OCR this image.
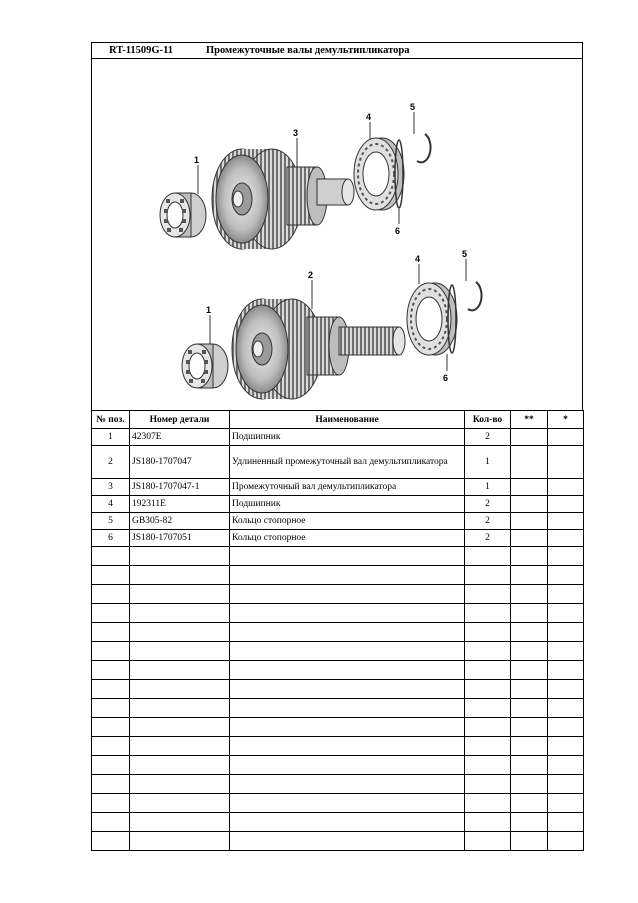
RT-11509G-11	Промежуточные валы демультипликатора
1
3
4
5
6
1
2
4	5
6
№ поз.	Номер детали	Наименование	Кол-во	**	*
1	42307E	Подшипник	2		
2	JS180-1707047	Удлиненный промежуточный вал демультипликатора	1		
3	JS180-1707047-1	Промежуточный вал демультипликатора	1		
4	192311E	Подшипник	2		
5	GB305-82	Кольцо стопорное	2		
6	JS180-1707051	Кольцо стопорное	2		
